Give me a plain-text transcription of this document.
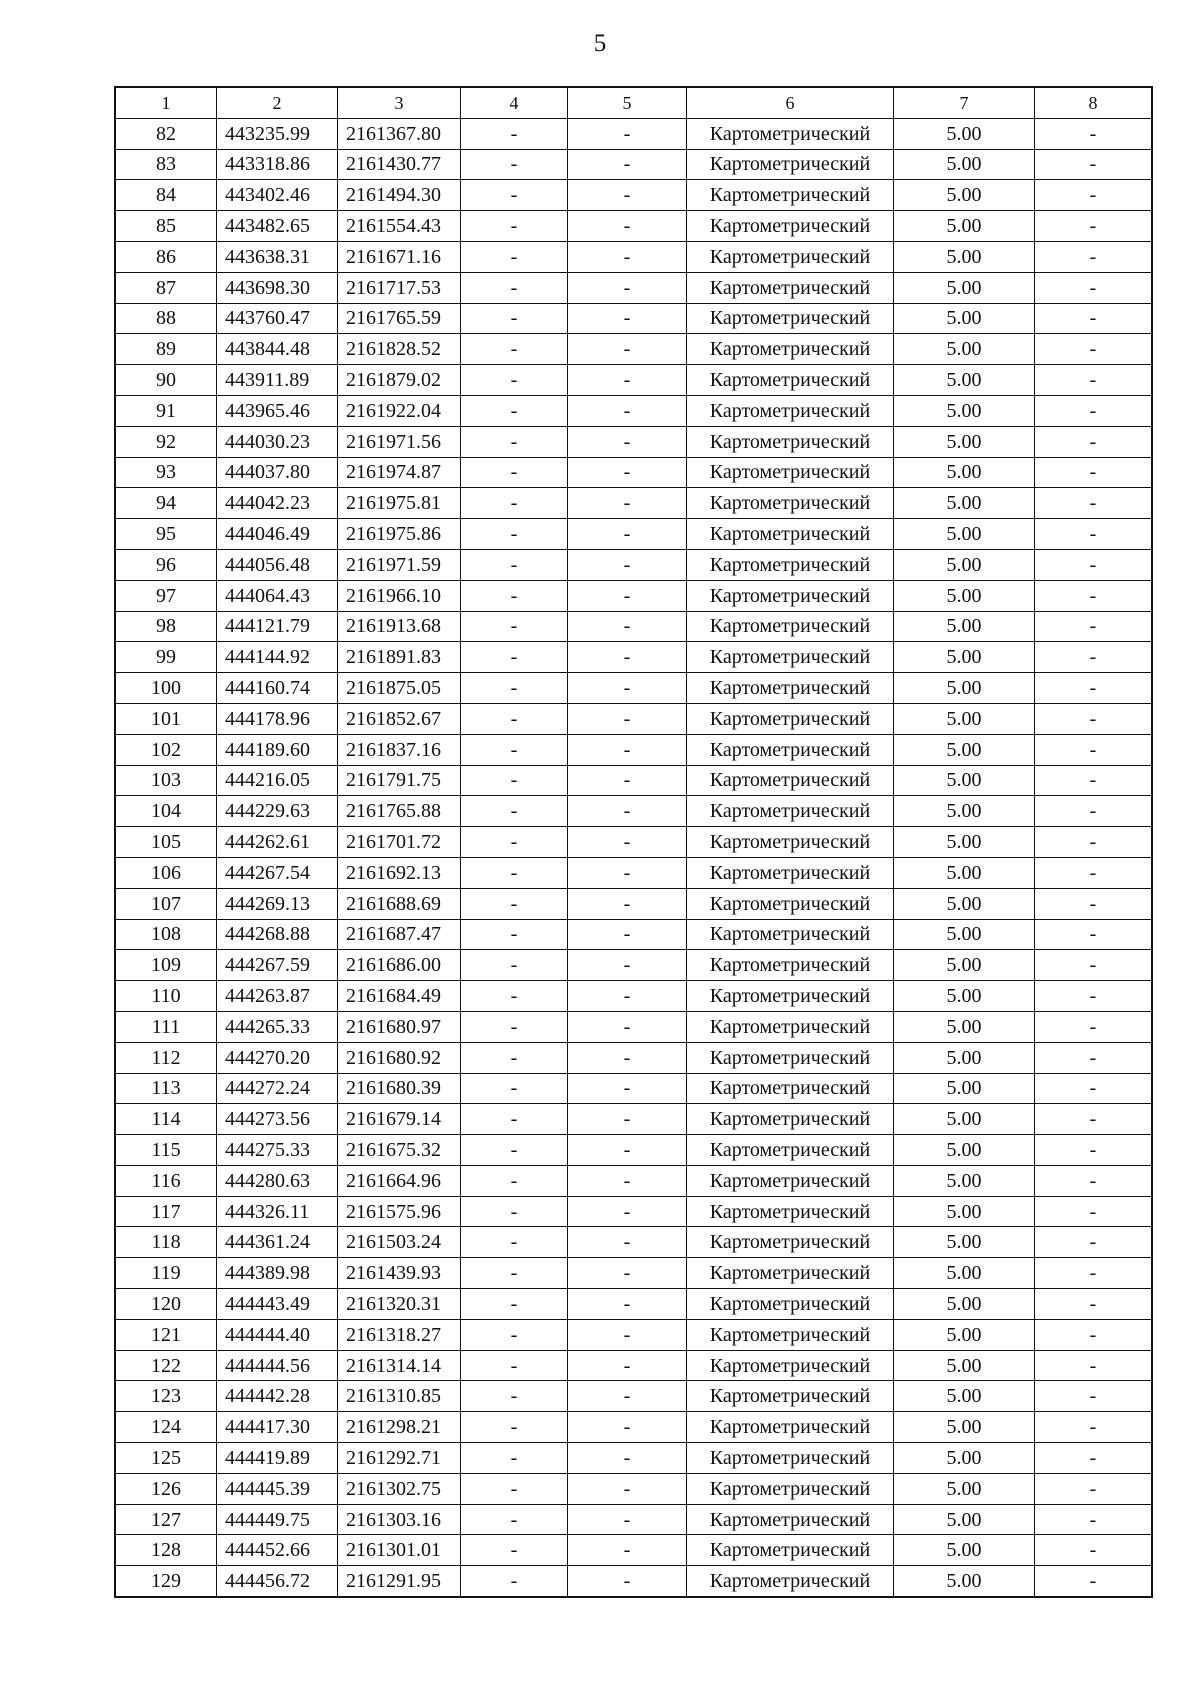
5
1	2	3	4	5	6	7	8
82	443235.99	2161367.80	-	-	Картометрический	5.00	-
83	443318.86	2161430.77	-	-	Картометрический	5.00	-
84	443402.46	2161494.30	-	-	Картометрический	5.00	-
85	443482.65	2161554.43	-	-	Картометрический	5.00	-
86	443638.31	2161671.16	-	-	Картометрический	5.00	-
87	443698.30	2161717.53	-	-	Картометрический	5.00	-
88	443760.47	2161765.59	-	-	Картометрический	5.00	-
89	443844.48	2161828.52	-	-	Картометрический	5.00	-
90	443911.89	2161879.02	-	-	Картометрический	5.00	-
91	443965.46	2161922.04	-	-	Картометрический	5.00	-
92	444030.23	2161971.56	-	-	Картометрический	5.00	-
93	444037.80	2161974.87	-	-	Картометрический	5.00	-
94	444042.23	2161975.81	-	-	Картометрический	5.00	-
95	444046.49	2161975.86	-	-	Картометрический	5.00	-
96	444056.48	2161971.59	-	-	Картометрический	5.00	-
97	444064.43	2161966.10	-	-	Картометрический	5.00	-
98	444121.79	2161913.68	-	-	Картометрический	5.00	-
99	444144.92	2161891.83	-	-	Картометрический	5.00	-
100	444160.74	2161875.05	-	-	Картометрический	5.00	-
101	444178.96	2161852.67	-	-	Картометрический	5.00	-
102	444189.60	2161837.16	-	-	Картометрический	5.00	-
103	444216.05	2161791.75	-	-	Картометрический	5.00	-
104	444229.63	2161765.88	-	-	Картометрический	5.00	-
105	444262.61	2161701.72	-	-	Картометрический	5.00	-
106	444267.54	2161692.13	-	-	Картометрический	5.00	-
107	444269.13	2161688.69	-	-	Картометрический	5.00	-
108	444268.88	2161687.47	-	-	Картометрический	5.00	-
109	444267.59	2161686.00	-	-	Картометрический	5.00	-
110	444263.87	2161684.49	-	-	Картометрический	5.00	-
111	444265.33	2161680.97	-	-	Картометрический	5.00	-
112	444270.20	2161680.92	-	-	Картометрический	5.00	-
113	444272.24	2161680.39	-	-	Картометрический	5.00	-
114	444273.56	2161679.14	-	-	Картометрический	5.00	-
115	444275.33	2161675.32	-	-	Картометрический	5.00	-
116	444280.63	2161664.96	-	-	Картометрический	5.00	-
117	444326.11	2161575.96	-	-	Картометрический	5.00	-
118	444361.24	2161503.24	-	-	Картометрический	5.00	-
119	444389.98	2161439.93	-	-	Картометрический	5.00	-
120	444443.49	2161320.31	-	-	Картометрический	5.00	-
121	444444.40	2161318.27	-	-	Картометрический	5.00	-
122	444444.56	2161314.14	-	-	Картометрический	5.00	-
123	444442.28	2161310.85	-	-	Картометрический	5.00	-
124	444417.30	2161298.21	-	-	Картометрический	5.00	-
125	444419.89	2161292.71	-	-	Картометрический	5.00	-
126	444445.39	2161302.75	-	-	Картометрический	5.00	-
127	444449.75	2161303.16	-	-	Картометрический	5.00	-
128	444452.66	2161301.01	-	-	Картометрический	5.00	-
129	444456.72	2161291.95	-	-	Картометрический	5.00	-
